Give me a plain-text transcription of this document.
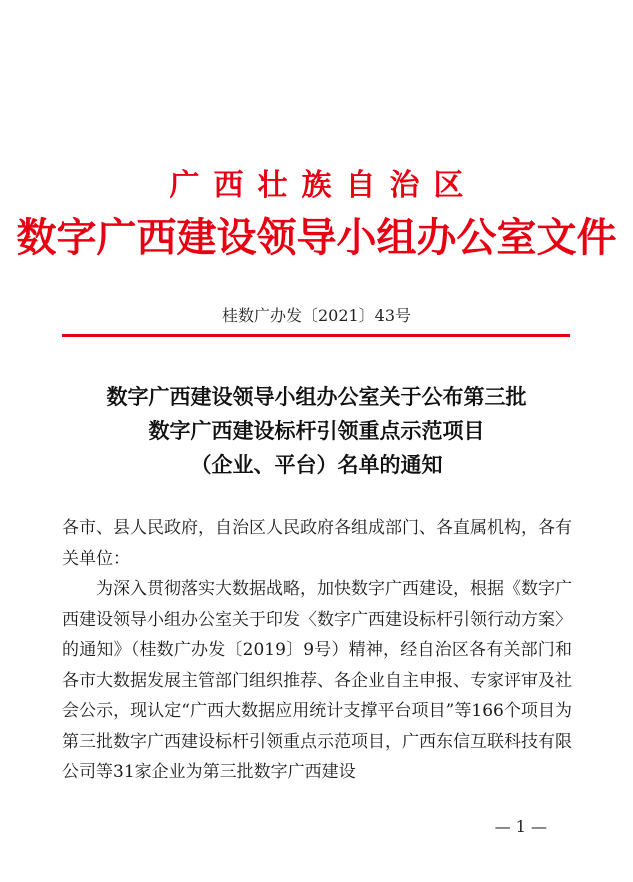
广西壮族自治区
数字广西建设领导小组办公室文件
桂数广办发〔2021〕43号
数字广西建设领导小组办公室关于公布第三批
数字广西建设标杆引领重点示范项目
（企业、平台）名单的通知

各市、县人民政府，自治区人民政府各组成部门、各直属机构，各有关单位：

为深入贯彻落实大数据战略，加快数字广西建设，根据《数字广西建设领导小组办公室关于印发〈数字广西建设标杆引领行动方案〉的通知》（桂数广办发〔2019〕9号）精神，经自治区各有关部门和各市大数据发展主管部门组织推荐、各企业自主申报、专家评审及社会公示，现认定“广西大数据应用统计支撑平台项目”等166个项目为第三批数字广西建设标杆引领重点示范项目，广西东信互联科技有限公司等31家企业为第三批数字广西建设

— 1 —
